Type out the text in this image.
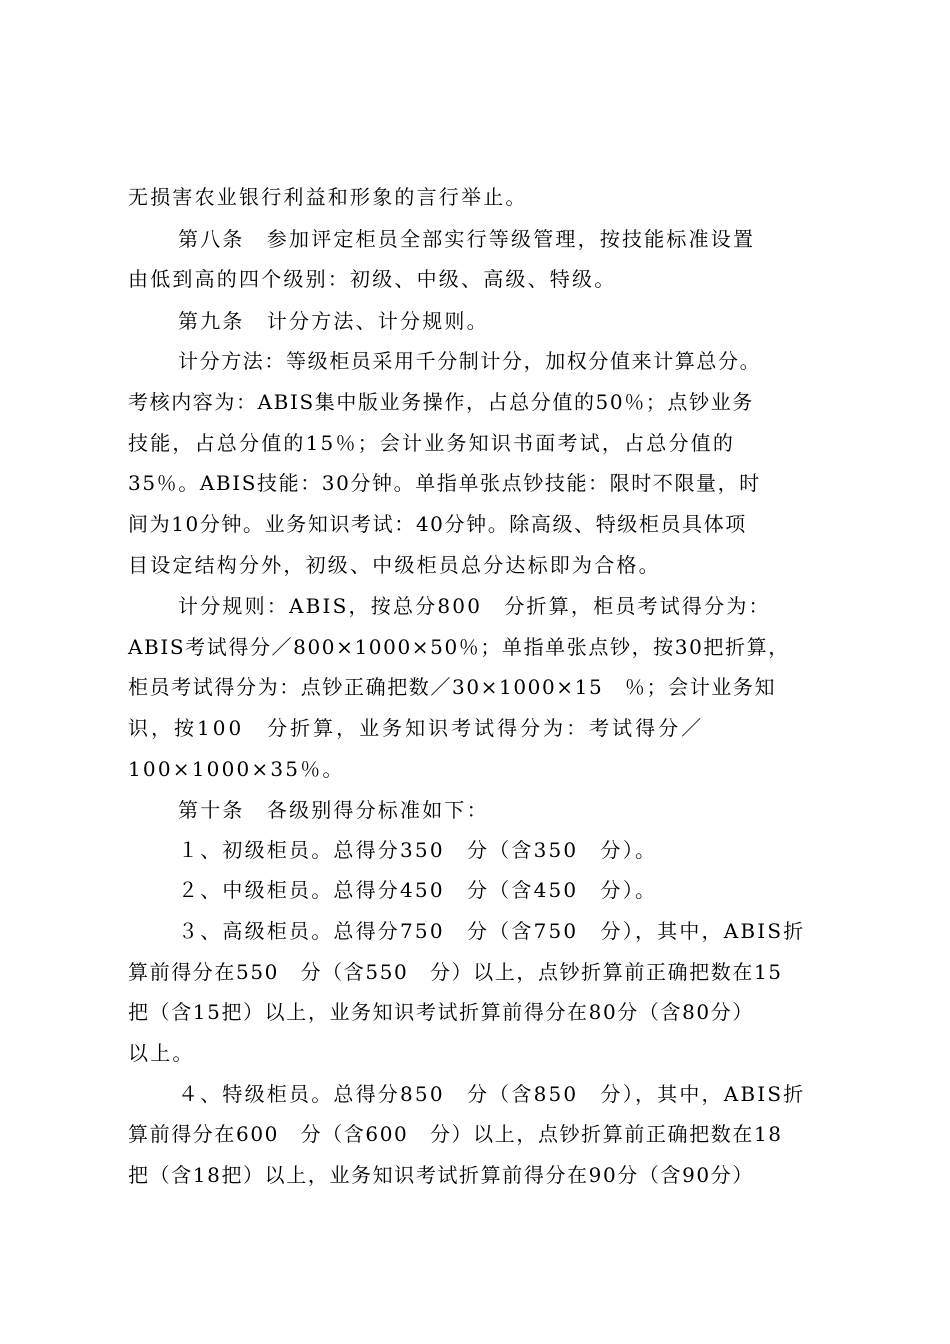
无损害农业银行利益和形象的言行举止。
第八条　参加评定柜员全部实行等级管理，按技能标准设置
由低到高的四个级别：初级、中级、高级、特级。
第九条　计分方法、计分规则。
计分方法：等级柜员采用千分制计分，加权分值来计算总分。
考核内容为：ABIS集中版业务操作，占总分值的50％；点钞业务
技能，占总分值的15％；会计业务知识书面考试，占总分值的
35％。ABIS技能：30分钟。单指单张点钞技能：限时不限量，时
间为10分钟。业务知识考试：40分钟。除高级、特级柜员具体项
目设定结构分外，初级、中级柜员总分达标即为合格。
计分规则：ABIS，按总分800　分折算，柜员考试得分为：
ABIS考试得分／800×1000×50％；单指单张点钞，按30把折算，
柜员考试得分为：点钞正确把数／30×1000×15　％；会计业务知
识，按100　分折算，业务知识考试得分为：考试得分／
100×1000×35％。
第十条　各级别得分标准如下：
１、初级柜员。总得分350　分（含350　分）。
２、中级柜员。总得分450　分（含450　分）。
３、高级柜员。总得分750　分（含750　分），其中，ABIS折
算前得分在550　分（含550　分）以上，点钞折算前正确把数在15
把（含15把）以上，业务知识考试折算前得分在80分（含80分）
以上。
４、特级柜员。总得分850　分（含850　分），其中，ABIS折
算前得分在600　分（含600　分）以上，点钞折算前正确把数在18
把（含18把）以上，业务知识考试折算前得分在90分（含90分）
